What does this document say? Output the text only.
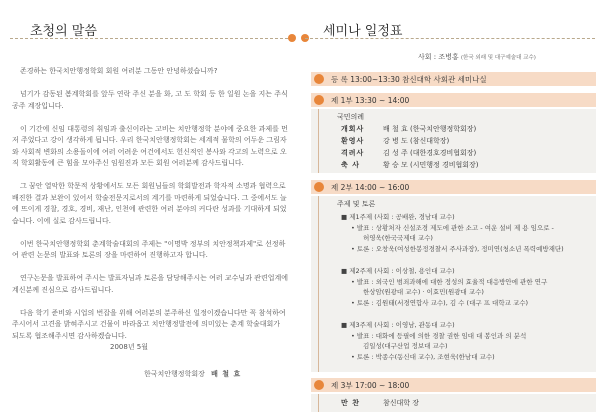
초청의 말씀	세미나 일정표

존경하는 한국치안행정학회 회원 여러분 그동안 안녕하셨습니까?

넘기가 감동된 봄계학회를 앞두 연락 주신 분을 화, 고 도 학회 등 한 일원 논을 지는 주식 공주 계장입니다.

이 기간에 신임 대통령의 취임과 출신이라는 고비는 치안행정학 분야에 중요한 과제를 먼저 주었다고 강이 생각하게 됩니다. 우리 한국치안행정학회는 세계적 물학의 어두운 그림자와 사회적 변화의 소용돌이에 여러 어려운 여건에서도 헌신적인 봉사와 각고의 노력으로 오직 학회활동에 큰 힘을 모아주신 임원진과 모든 회원 여러분께 감사드립니다.

그 꿈안 열악한 학문적 상황에서도 모든 회원님들의 학회발전과 학자적 소명과 협력으로 배진한 결과 보완이 있어서 학술전문지로서의 계기를 마련하게 되었습니다. 그 중에서도 늘에 뜨이게 경찰, 경호, 경비, 재난, 인천에 관련한 여러 분야의 커다란 성과를 기대하게 되었습니다. 이에 실로 감사드립니다.

이번 한국치안행정학회 춘계학술대회의 주제는 "이명박 정부의 치안정책과제"로 선정하여 관련 논문의 발표와 토론의 장을 마련하여 진행하고자 합니다.

연구논문을 발표하여 주시는 발표자님과 토론을 담당해주시는 여러 교수님과 관련업계에 계신분께 진심으로 감사드립니다.

다음 학기 준비와 시업의 번잡을 위해 여러분의 분주하신 일정이겠습니다만 꼭 참석하여 주시어서 고견을 밝혀주시고 건물이 바라옵고 치안행정발전에 의미있는 춘계 학술대회가 되도록 협조해주시면 감사하겠습니다.

2008년 5월
한국치안행정학회장 배 철 효
사회 : 조병홍 (한국 외래 및 대구예술대 교수)
등 록 13:00~13:30 참신대학 사회관 세미나실
제 1부 13:30 ~ 14:00
국민의례
개회사	배 철 효 (한국치안행정학회장)
환영사	강 병 도 (참신대학장)
격려사	김 성 주 (대한경호경비협회장)
축 사	황 승 모 (시민행정 경비협회장)
제 2부 14:00 ~ 16:00
주제 및 토론
■ 제1주제 (사회 : 공배완, 경남대 교수)
• 발표 : 상황처자 신설조경 제도에 관한 소고 - 여운 설비 제 용 임으로 -
허영욱(한국국제대 교수)
• 토론 : 오창욱(여성한봉정경찰서 주사과장), 정미연(청소년 폭력예방재단)
■ 제2주제 (사회 : 이상철, 용인대 교수)
• 발표 : 외국인 범죄과해에 대한 정성의 효율적 대응방안에 관한 연구
한상암(원광대 교수) · 이효민(원광대 교수)
• 토론 : 김원태(서경연합사 교수), 김 수 (대구 프 대학교 교수)
■ 제3주제 (사회 : 이영남, 관동대 교수)
• 발표 : 대화에 등필에 의한 경찰 권한 임대 대 봉인과 의 분석
김일성(대구산업 정보대 교수)
• 토론 : 박종수(동신대 교수), 조현욱(한남대 교수)
제 3부 17:00 ~ 18:00
만 찬	참신대학 장
